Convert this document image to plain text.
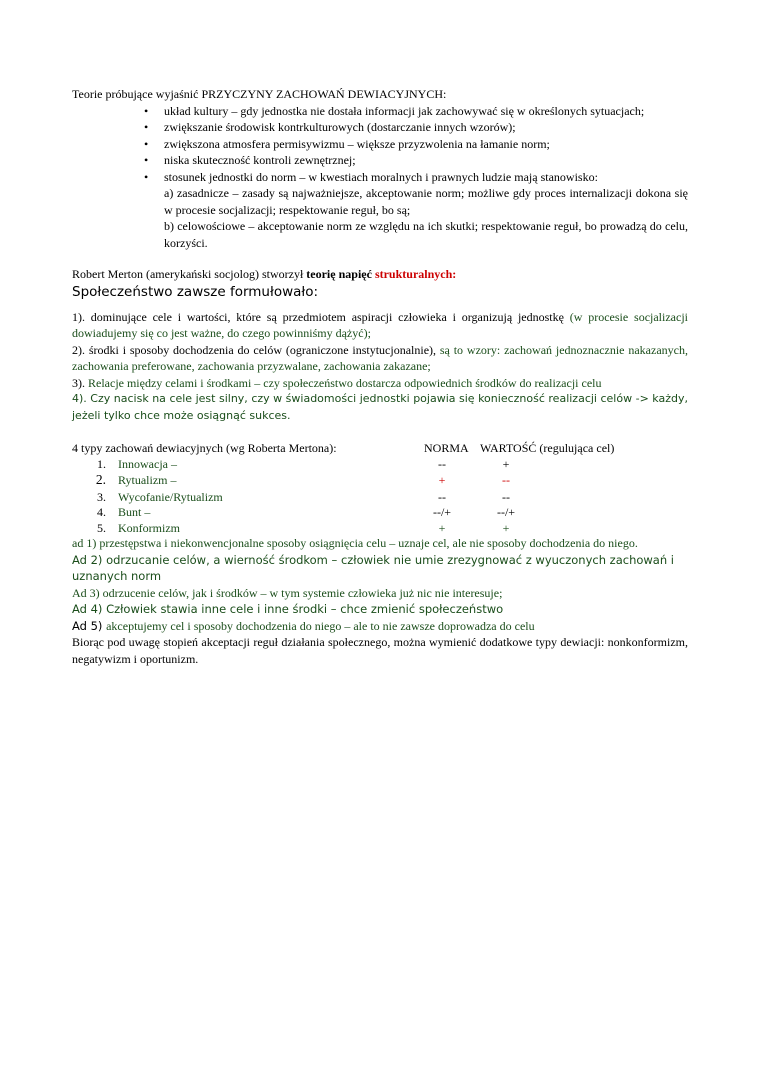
Teorie próbujące wyjaśnić PRZYCZYNY ZACHOWAŃ DEWIACYJNYCH:

• układ kultury – gdy jednostka nie dostała informacji jak zachowywać się w określonych sytuacjach;
• zwiększanie środowisk kontrkulturowych (dostarczanie innych wzorów);
• zwiększona atmosfera permisywizmu – większe przyzwolenia na łamanie norm;
• niska skuteczność kontroli zewnętrznej;
• stosunek jednostki do norm – w kwestiach moralnych i prawnych ludzie mają stanowisko:

a) zasadnicze – zasady są najważniejsze, akceptowanie norm; możliwe gdy proces internalizacji dokona się w procesie socjalizacji; respektowanie reguł, bo są;

b) celowościowe – akceptowanie norm ze względu na ich skutki; respektowanie reguł, bo prowadzą do celu, korzyści.

Robert Merton (amerykański socjolog) stworzył teorię napięć strukturalnych:

Społeczeństwo zawsze formułowało:

1). dominujące cele i wartości, które są przedmiotem aspiracji człowieka i organizują jednostkę (w procesie socjalizacji dowiadujemy się co jest ważne, do czego powinniśmy dążyć);

2). środki i sposoby dochodzenia do celów (ograniczone instytucjonalnie), są to wzory: zachowań jednoznacznie nakazanych, zachowania preferowane, zachowania przyzwalane, zachowania zakazane;

3). Relacje między celami i środkami – czy społeczeństwo dostarcza odpowiednich środków do realizacji celu

4). Czy nacisk na cele jest silny, czy w świadomości jednostki pojawia się konieczność realizacji celów -> każdy, jeżeli tylko chce może osiągnąć sukces.

4 typy zachowań dewiacyjnych (wg Roberta Mertona):	NORMA WARTOŚĆ (regulująca cel)
1. Innowacja –	--	+
2. Rytualizm –	+	--
3. Wycofanie/Rytualizm	--	--
4. Bunt –	--/+	--/+
5. Konformizm	+	+

ad 1) przestępstwa i niekonwencjonalne sposoby osiągnięcia celu – uznaje cel, ale nie sposoby dochodzenia do niego.

Ad 2) odrzucanie celów, a wierność środkom – człowiek nie umie zrezygnować z wyuczonych zachowań i uznanych norm

Ad 3) odrzucenie celów, jak i środków – w tym systemie człowieka już nic nie interesuje;

Ad 4) Człowiek stawia inne cele i inne środki – chce zmienić społeczeństwo

Ad 5) akceptujemy cel i sposoby dochodzenia do niego – ale to nie zawsze doprowadza do celu

Biorąc pod uwagę stopień akceptacji reguł działania społecznego, można wymienić dodatkowe typy dewiacji: nonkonformizm, negatywizm i oportunizm.
